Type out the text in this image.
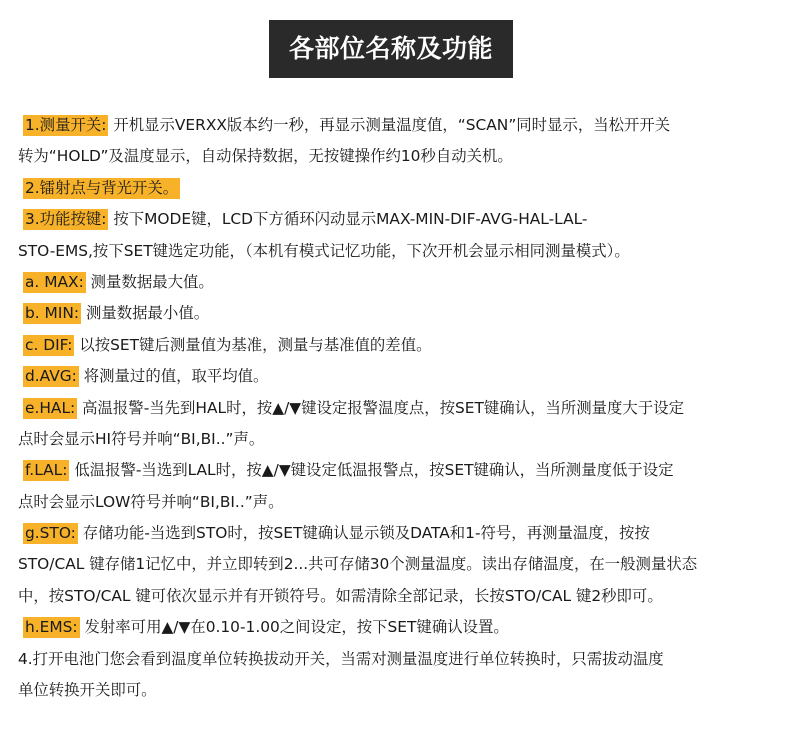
各部位名称及功能
1.测量开关: 开机显示VERXX版本约一秒，再显示测量温度值，“SCAN”同时显示，当松开开关
转为“HOLD”及温度显示，自动保持数据，无按键操作约10秒自动关机。
2.镭射点与背光开关。
3.功能按键: 按下MODE键，LCD下方循环闪动显示MAX-MIN-DIF-AVG-HAL-LAL-
STO-EMS,按下SET键选定功能，（本机有模式记忆功能，下次开机会显示相同测量模式）。
a. MAX: 测量数据最大值。
b. MIN: 测量数据最小值。
c. DIF: 以按SET键后测量值为基准，测量与基准值的差值。
d.AVG: 将测量过的值，取平均值。
e.HAL: 高温报警-当先到HAL时，按▲/▼键设定报警温度点，按SET键确认，当所测量度大于设定
点时会显示HI符号并响“BI,BI..”声。
f.LAL: 低温报警-当选到LAL时，按▲/▼键设定低温报警点，按SET键确认，当所测量度低于设定
点时会显示LOW符号并响“BI,BI..”声。
g.STO: 存储功能-当选到STO时，按SET键确认显示锁及DATA和1-符号，再测量温度，按按
STO/CAL 键存储1记忆中，并立即转到2...共可存储30个测量温度。读出存储温度，在一般测量状态
中，按STO/CAL 键可依次显示并有开锁符号。如需清除全部记录，长按STO/CAL 键2秒即可。
h.EMS: 发射率可用▲/▼在0.10-1.00之间设定，按下SET键确认设置。
4.打开电池门您会看到温度单位转换拔动开关，当需对测量温度进行单位转换时，只需拔动温度
单位转换开关即可。
